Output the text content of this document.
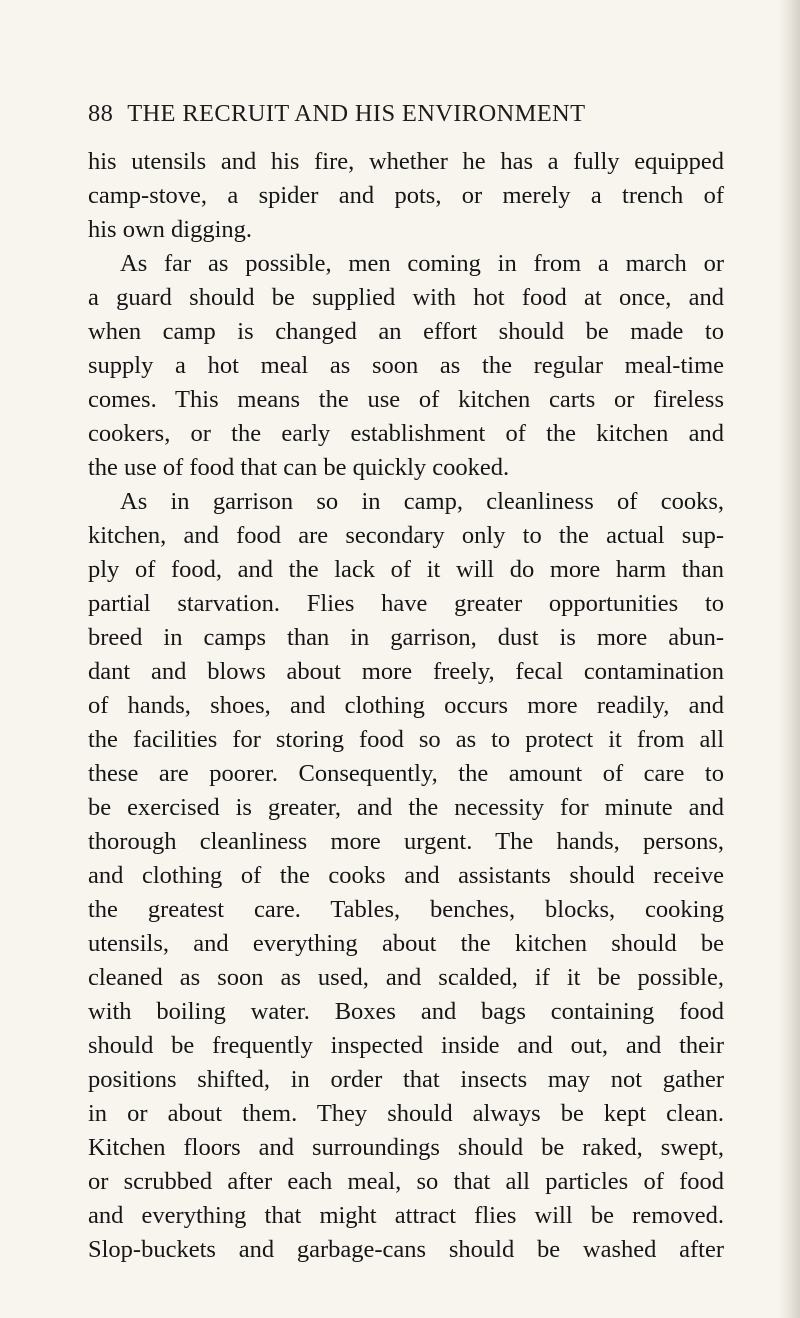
88 THE RECRUIT AND HIS ENVIRONMENT
his utensils and his fire, whether he has a fully equipped
camp-stove, a spider and pots, or merely a trench of
his own digging.
As far as possible, men coming in from a march or
a guard should be supplied with hot food at once, and
when camp is changed an effort should be made to
supply a hot meal as soon as the regular meal-time
comes. This means the use of kitchen carts or fireless
cookers, or the early establishment of the kitchen and
the use of food that can be quickly cooked.
As in garrison so in camp, cleanliness of cooks,
kitchen, and food are secondary only to the actual sup-
ply of food, and the lack of it will do more harm than
partial starvation. Flies have greater opportunities to
breed in camps than in garrison, dust is more abun-
dant and blows about more freely, fecal contamination
of hands, shoes, and clothing occurs more readily, and
the facilities for storing food so as to protect it from all
these are poorer. Consequently, the amount of care to
be exercised is greater, and the necessity for minute and
thorough cleanliness more urgent. The hands, persons,
and clothing of the cooks and assistants should receive
the greatest care. Tables, benches, blocks, cooking
utensils, and everything about the kitchen should be
cleaned as soon as used, and scalded, if it be possible,
with boiling water. Boxes and bags containing food
should be frequently inspected inside and out, and their
positions shifted, in order that insects may not gather
in or about them. They should always be kept clean.
Kitchen floors and surroundings should be raked, swept,
or scrubbed after each meal, so that all particles of food
and everything that might attract flies will be removed.
Slop-buckets and garbage-cans should be washed after
